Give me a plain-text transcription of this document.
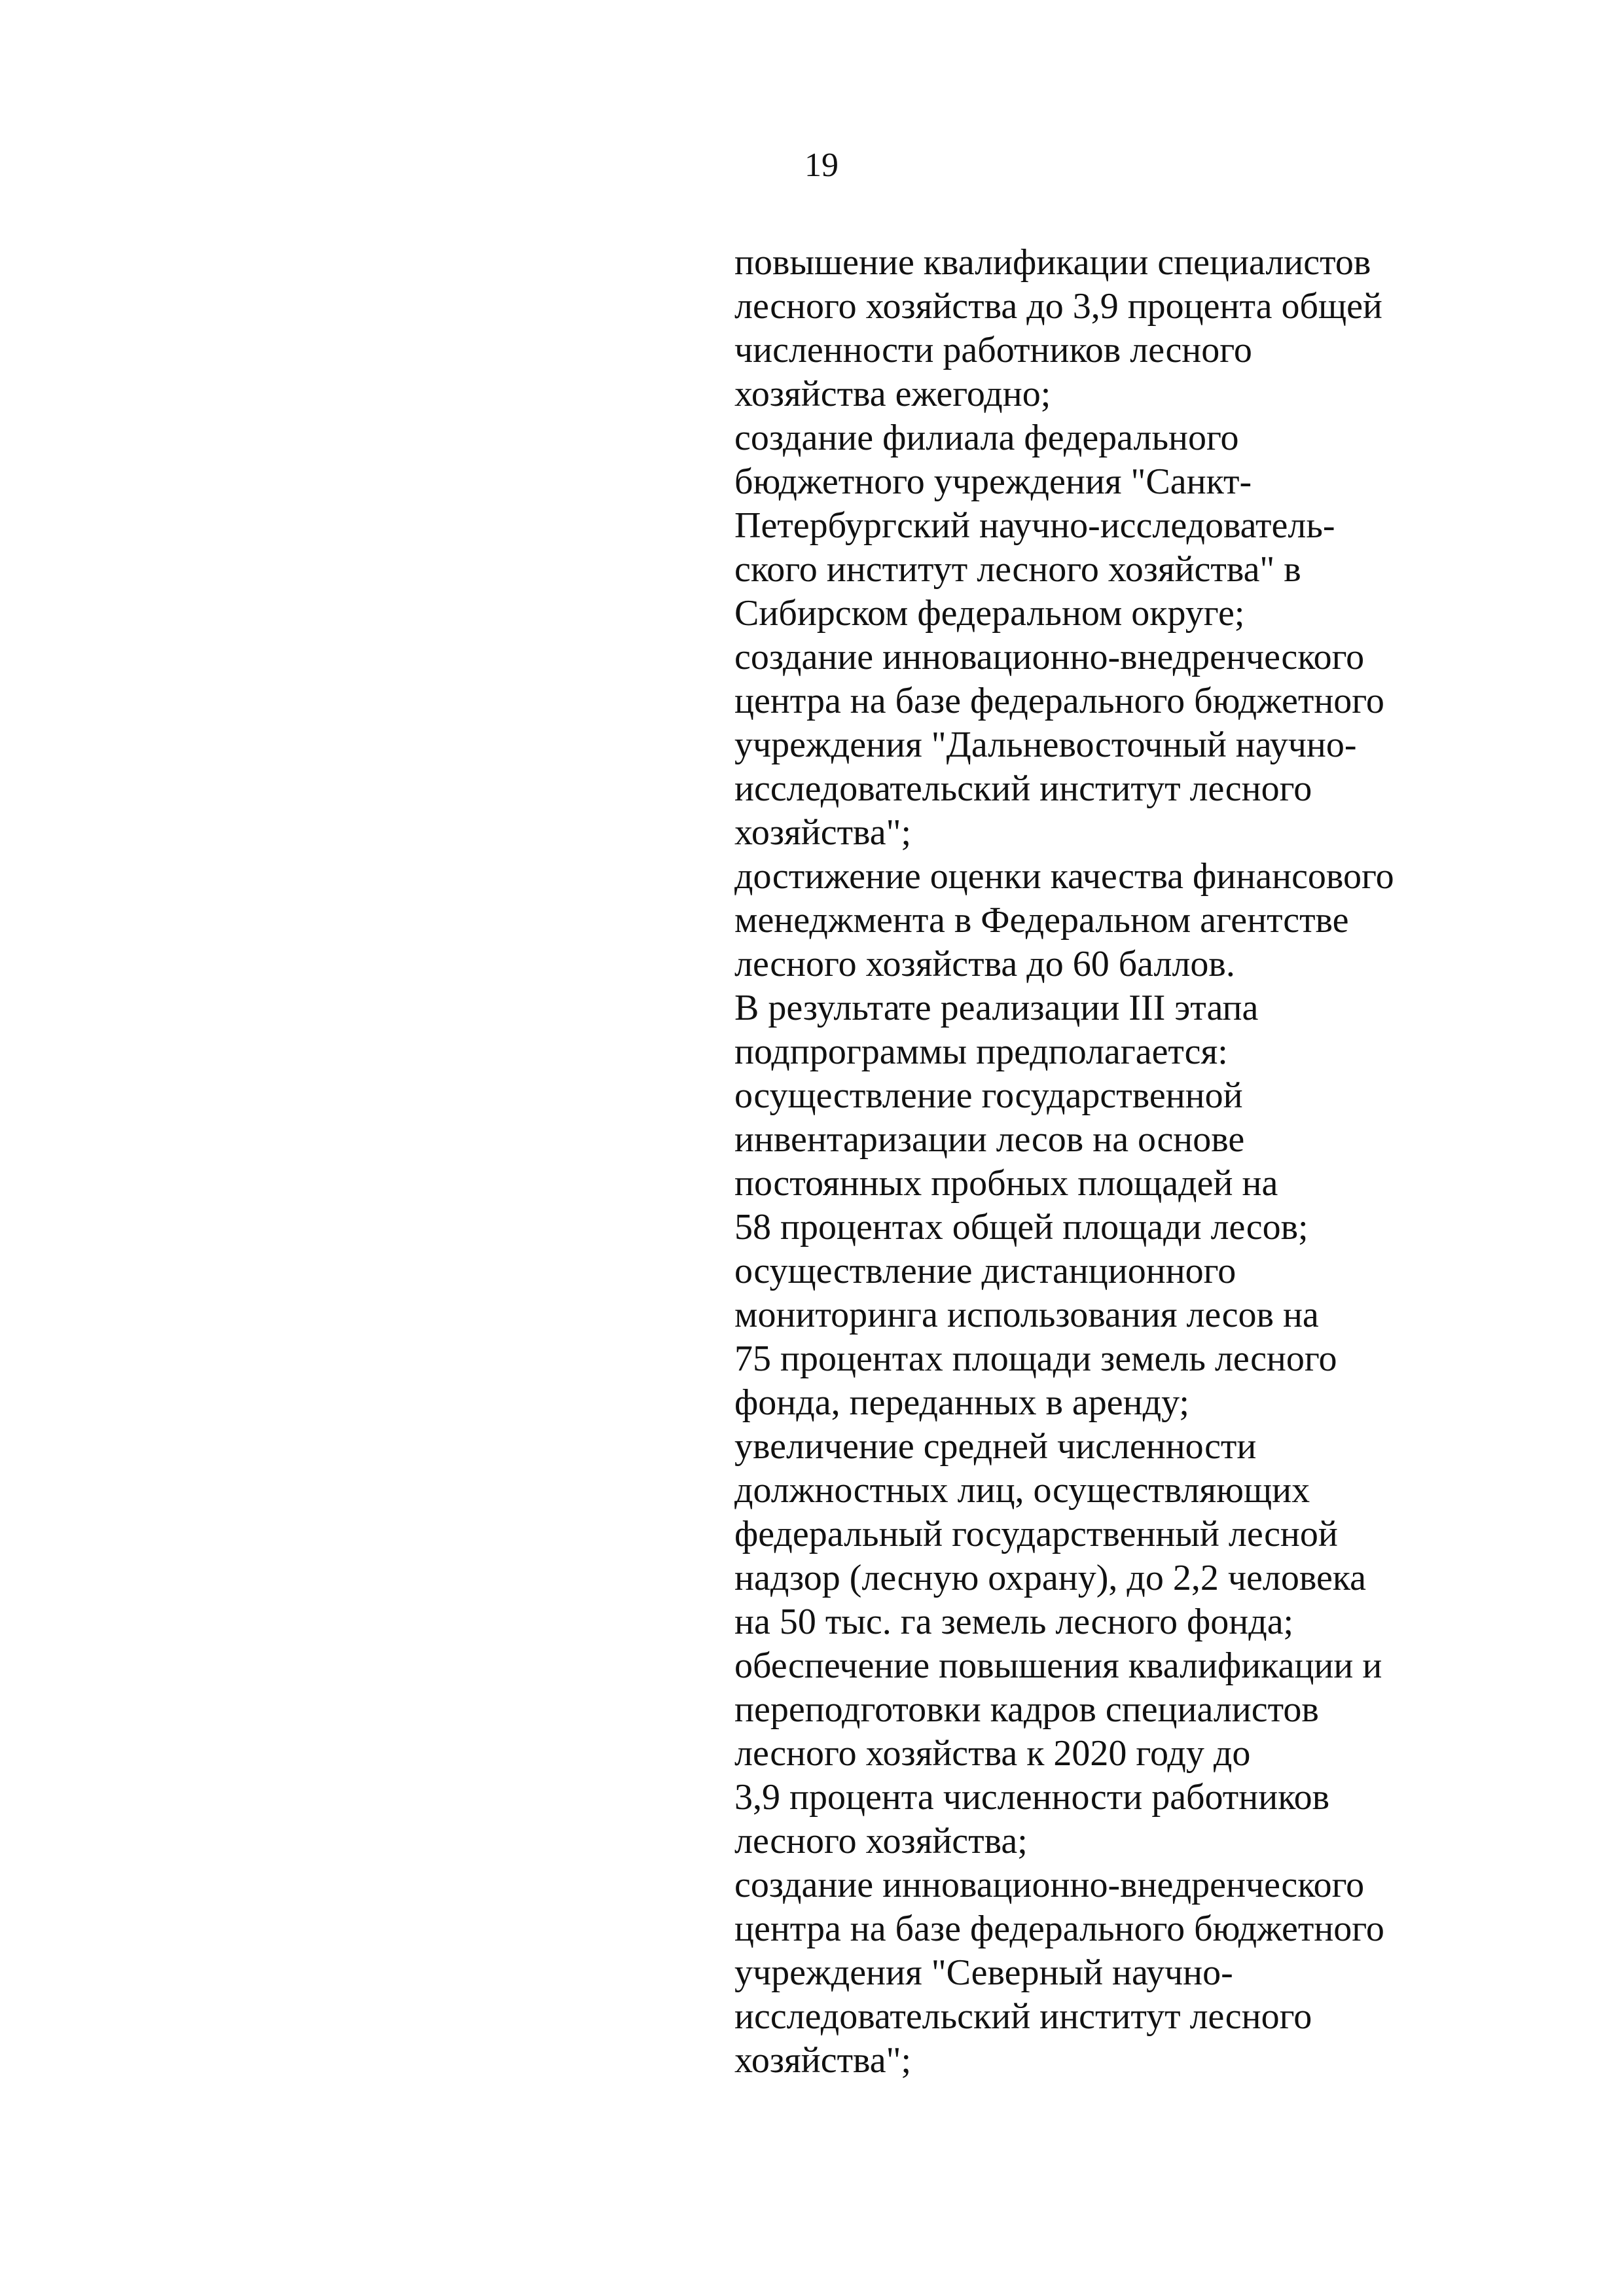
19
повышение квалификации специалистов
лесного хозяйства до 3,9 процента общей
численности работников лесного
хозяйства ежегодно;
создание филиала федерального
бюджетного учреждения "Санкт-
Петербургский научно-исследователь-
ского институт лесного хозяйства" в
Сибирском федеральном округе;
создание инновационно-внедренческого
центра на базе федерального бюджетного
учреждения "Дальневосточный научно-
исследовательский институт лесного
хозяйства";
достижение оценки качества финансового
менеджмента в Федеральном агентстве
лесного хозяйства до 60 баллов.
В результате реализации III этапа
подпрограммы предполагается:
осуществление государственной
инвентаризации лесов на основе
постоянных пробных площадей на
58 процентах общей площади лесов;
осуществление дистанционного
мониторинга использования лесов на
75 процентах площади земель лесного
фонда, переданных в аренду;
увеличение средней численности
должностных лиц, осуществляющих
федеральный государственный лесной
надзор (лесную охрану), до 2,2 человека
на 50 тыс. га земель лесного фонда;
обеспечение повышения квалификации и
переподготовки кадров специалистов
лесного хозяйства к 2020 году до
3,9 процента численности работников
лесного хозяйства;
создание инновационно-внедренческого
центра на базе федерального бюджетного
учреждения "Северный научно-
исследовательский институт лесного
хозяйства";
